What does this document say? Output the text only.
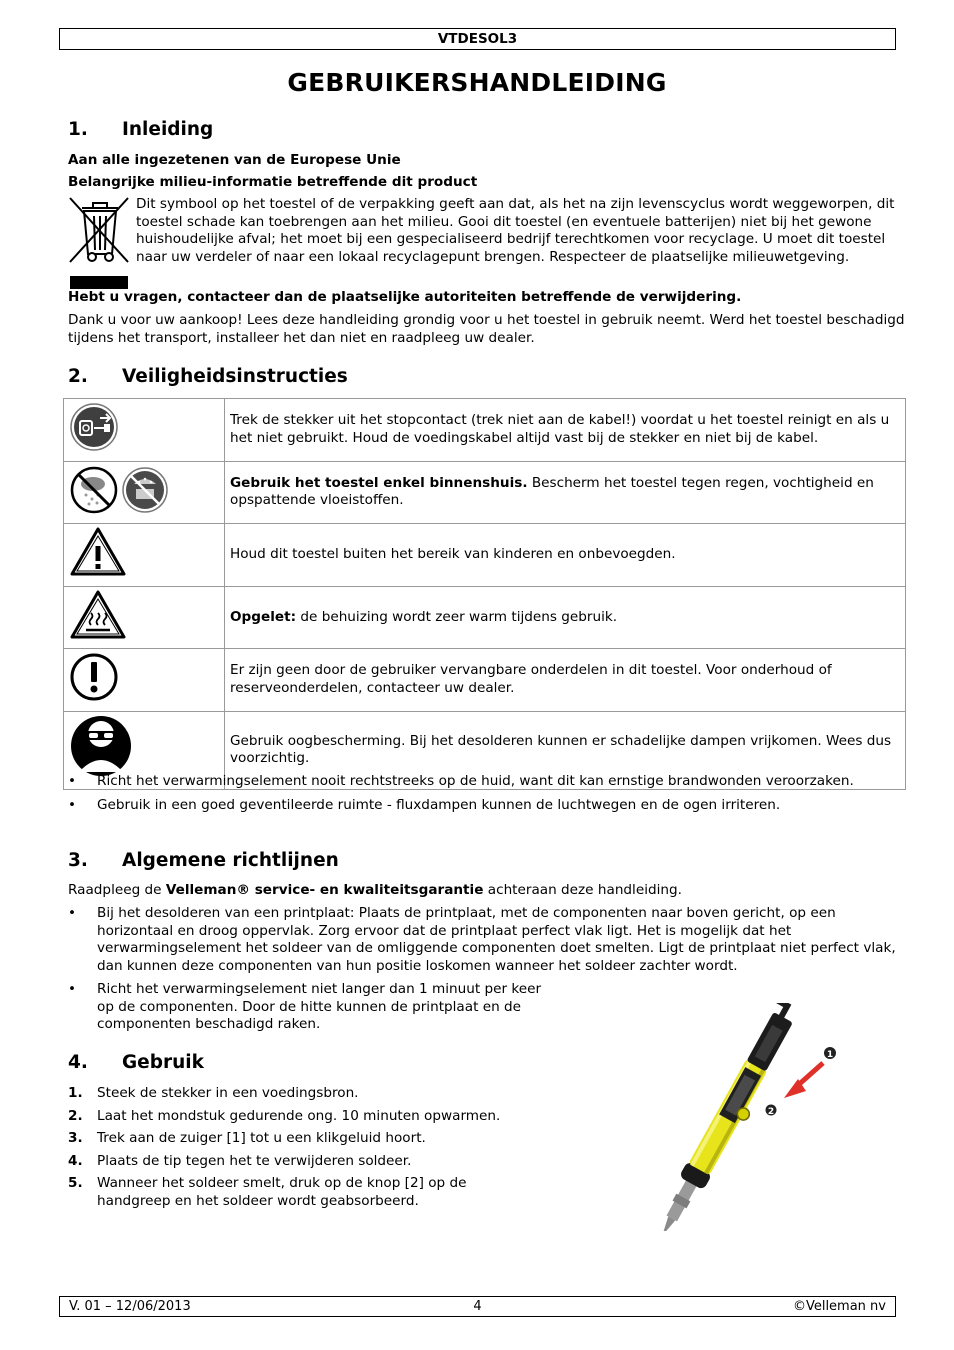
VTDESOL3
GEBRUIKERSHANDLEIDING
1. Inleiding
Aan alle ingezetenen van de Europese Unie
Belangrijke milieu-informatie betreffende dit product
Dit symbool op het toestel of de verpakking geeft aan dat, als het na zijn levenscyclus wordt weggeworpen, dit toestel schade kan toebrengen aan het milieu. Gooi dit toestel (en eventuele batterijen) niet bij het gewone huishoudelijke afval; het moet bij een gespecialiseerd bedrijf terechtkomen voor recyclage. U moet dit toestel naar uw verdeler of naar een lokaal recyclagepunt brengen. Respecteer de plaatselijke milieuwetgeving.
Hebt u vragen, contacteer dan de plaatselijke autoriteiten betreffende de verwijdering.
Dank u voor uw aankoop! Lees deze handleiding grondig voor u het toestel in gebruik neemt. Werd het toestel beschadigd tijdens het transport, installeer het dan niet en raadpleeg uw dealer.
2. Veiligheidsinstructies
	Trek de stekker uit het stopcontact (trek niet aan de kabel!) voordat u het toestel reinigt en als u het niet gebruikt. Houd de voedingskabel altijd vast bij de stekker en niet bij de kabel.
	Gebruik het toestel enkel binnenshuis. Bescherm het toestel tegen regen, vochtigheid en opspattende vloeistoffen.
	Houd dit toestel buiten het bereik van kinderen en onbevoegden.
	Opgelet: de behuizing wordt zeer warm tijdens gebruik.
	Er zijn geen door de gebruiker vervangbare onderdelen in dit toestel. Voor onderhoud of reserveonderdelen, contacteer uw dealer.
	Gebruik oogbescherming. Bij het desolderen kunnen er schadelijke dampen vrijkomen. Wees dus voorzichtig.
• Richt het verwarmingselement nooit rechtstreeks op de huid, want dit kan ernstige brandwonden veroorzaken.
• Gebruik in een goed geventileerde ruimte - fluxdampen kunnen de luchtwegen en de ogen irriteren.
3. Algemene richtlijnen
Raadpleeg de Velleman® service- en kwaliteitsgarantie achteraan deze handleiding.
• Bij het desolderen van een printplaat: Plaats de printplaat, met de componenten naar boven gericht, op een horizontaal en droog oppervlak. Zorg ervoor dat de printplaat perfect vlak ligt. Het is mogelijk dat het verwarmingselement het soldeer van de omliggende componenten doet smelten. Ligt de printplaat niet perfect vlak, dan kunnen deze componenten van hun positie loskomen wanneer het soldeer zachter wordt.
• Richt het verwarmingselement niet langer dan 1 minuut per keer op de componenten. Door de hitte kunnen de printplaat en de componenten beschadigd raken.
4. Gebruik
1. Steek de stekker in een voedingsbron.
2. Laat het mondstuk gedurende ong. 10 minuten opwarmen.
3. Trek aan de zuiger [1] tot u een klikgeluid hoort.
4. Plaats de tip tegen het te verwijderen soldeer.
5. Wanneer het soldeer smelt, druk op de knop [2] op de handgreep en het soldeer wordt geabsorbeerd.
1
2
V. 01 – 12/06/2013	4	©Velleman nv
